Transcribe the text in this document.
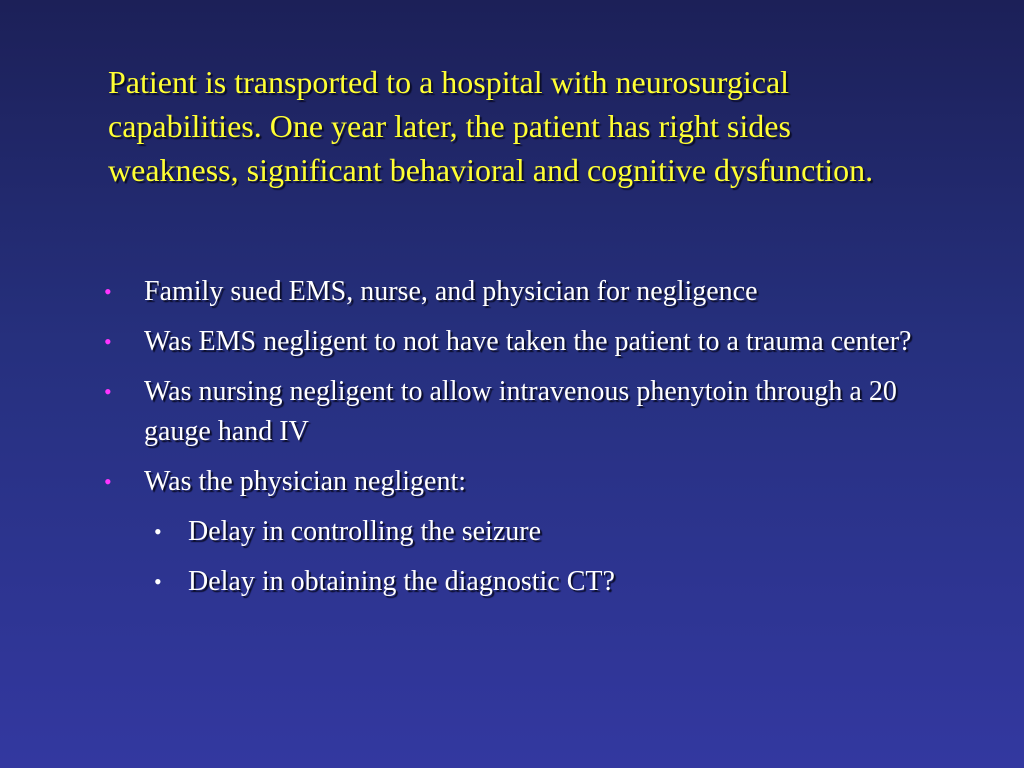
Patient is transported to a hospital with neurosurgical capabilities. One year later, the patient has right sides weakness, significant behavioral and cognitive dysfunction.
• Family sued EMS, nurse, and physician for negligence
• Was EMS negligent to not have taken the patient to a trauma center?
• Was nursing negligent to allow intravenous phenytoin through a 20 gauge hand IV
• Was the physician negligent:
• Delay in controlling the seizure
• Delay in obtaining the diagnostic CT?
